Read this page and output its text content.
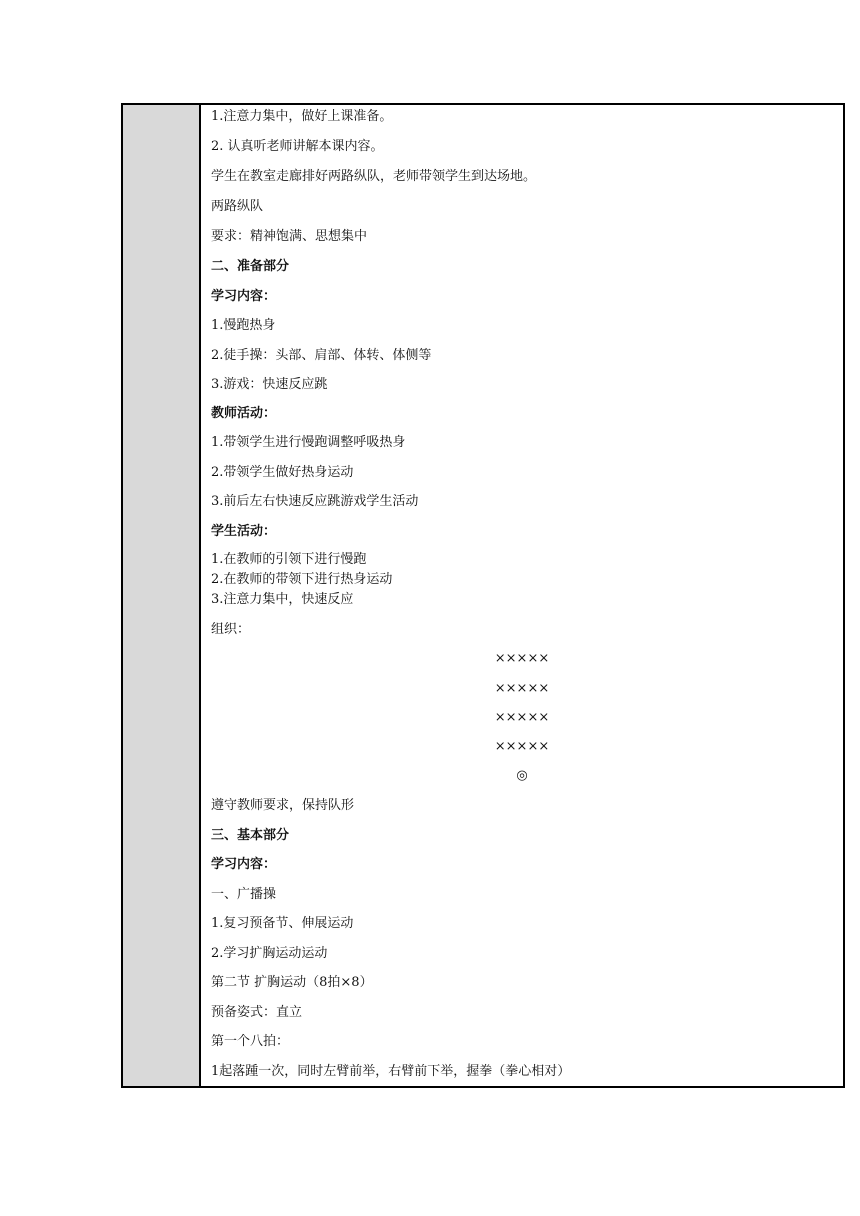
1.注意力集中，做好上课准备。
2. 认真听老师讲解本课内容。
学生在教室走廊排好两路纵队，老师带领学生到达场地。
两路纵队
要求：精神饱满、思想集中
二、准备部分
学习内容：
1.慢跑热身
2.徒手操：头部、肩部、体转、体侧等
3.游戏：快速反应跳
教师活动：
1.带领学生进行慢跑调整呼吸热身
2.带领学生做好热身运动
3.前后左右快速反应跳游戏学生活动
学生活动：
1.在教师的引领下进行慢跑
2.在教师的带领下进行热身运动
3.注意力集中，快速反应
组织：
×××××
×××××
×××××
×××××
◎
遵守教师要求，保持队形
三、基本部分
学习内容：
一、广播操
1.复习预备节、伸展运动
2.学习扩胸运动运动
第二节 扩胸运动（8拍×8）
预备姿式：直立
第一个八拍：
1起落踵一次，同时左臂前举，右臂前下举，握拳（拳心相对）
